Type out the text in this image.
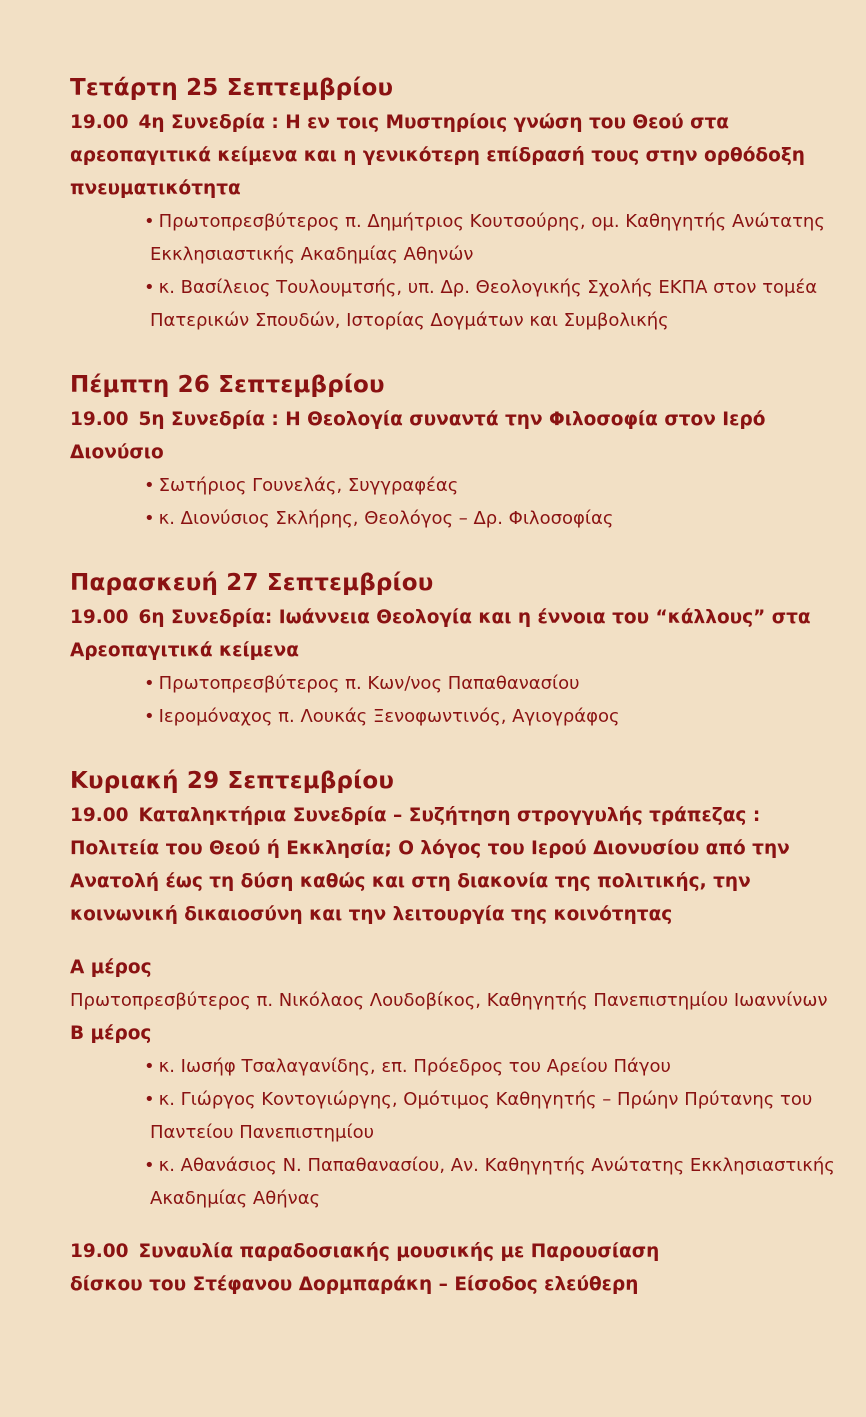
Τετάρτη 25 Σεπτεμβρίου
19.00 4η Συνεδρία : Η εν τοις Μυστηρίοις γνώση του Θεού στα αρεοπαγιτικά κείμενα και η γενικότερη επίδρασή τους στην ορθόδοξη πνευματικότητα
• Πρωτοπρεσβύτερος π. Δημήτριος Κουτσούρης, ομ. Καθηγητής Ανώτατης Εκκλησιαστικής Ακαδημίας Αθηνών
• κ. Βασίλειος Τουλουμτσής, υπ. Δρ. Θεολογικής Σχολής ΕΚΠΑ στον τομέα Πατερικών Σπουδών, Ιστορίας Δογμάτων και Συμβολικής
Πέμπτη 26 Σεπτεμβρίου
19.00 5η Συνεδρία : Η Θεολογία συναντά την Φιλοσοφία στον Ιερό Διονύσιο
• Σωτήριος Γουνελάς, Συγγραφέας
• κ. Διονύσιος Σκλήρης, Θεολόγος – Δρ. Φιλοσοφίας
Παρασκευή 27 Σεπτεμβρίου
19.00 6η Συνεδρία: Ιωάννεια Θεολογία και η έννοια του “κάλλους” στα Αρεοπαγιτικά κείμενα
• Πρωτοπρεσβύτερος π. Κων/νος Παπαθανασίου
• Ιερομόναχος π. Λουκάς Ξενοφωντινός, Αγιογράφος
Κυριακή 29 Σεπτεμβρίου
19.00 Καταληκτήρια Συνεδρία – Συζήτηση στρογγυλής τράπεζας : Πολιτεία του Θεού ή Εκκλησία; Ο λόγος του Ιερού Διονυσίου από την Ανατολή έως τη δύση καθώς και στη διακονία της πολιτικής, την κοινωνική δικαιοσύνη και την λειτουργία της κοινότητας
Α μέρος
Πρωτοπρεσβύτερος π. Νικόλαος Λουδοβίκος, Καθηγητής Πανεπιστημίου Ιωαννίνων
Β μέρος
• κ. Ιωσήφ Τσαλαγανίδης, επ. Πρόεδρος του Αρείου Πάγου
• κ. Γιώργος Κοντογιώργης, Ομότιμος Καθηγητής – Πρώην Πρύτανης του Παντείου Πανεπιστημίου
• κ. Αθανάσιος Ν. Παπαθανασίου, Αν. Καθηγητής Ανώτατης Εκκλησιαστικής Ακαδημίας Αθήνας
19.00 Συναυλία παραδοσιακής μουσικής με Παρουσίαση δίσκου του Στέφανου Δορμπαράκη – Είσοδος ελεύθερη
